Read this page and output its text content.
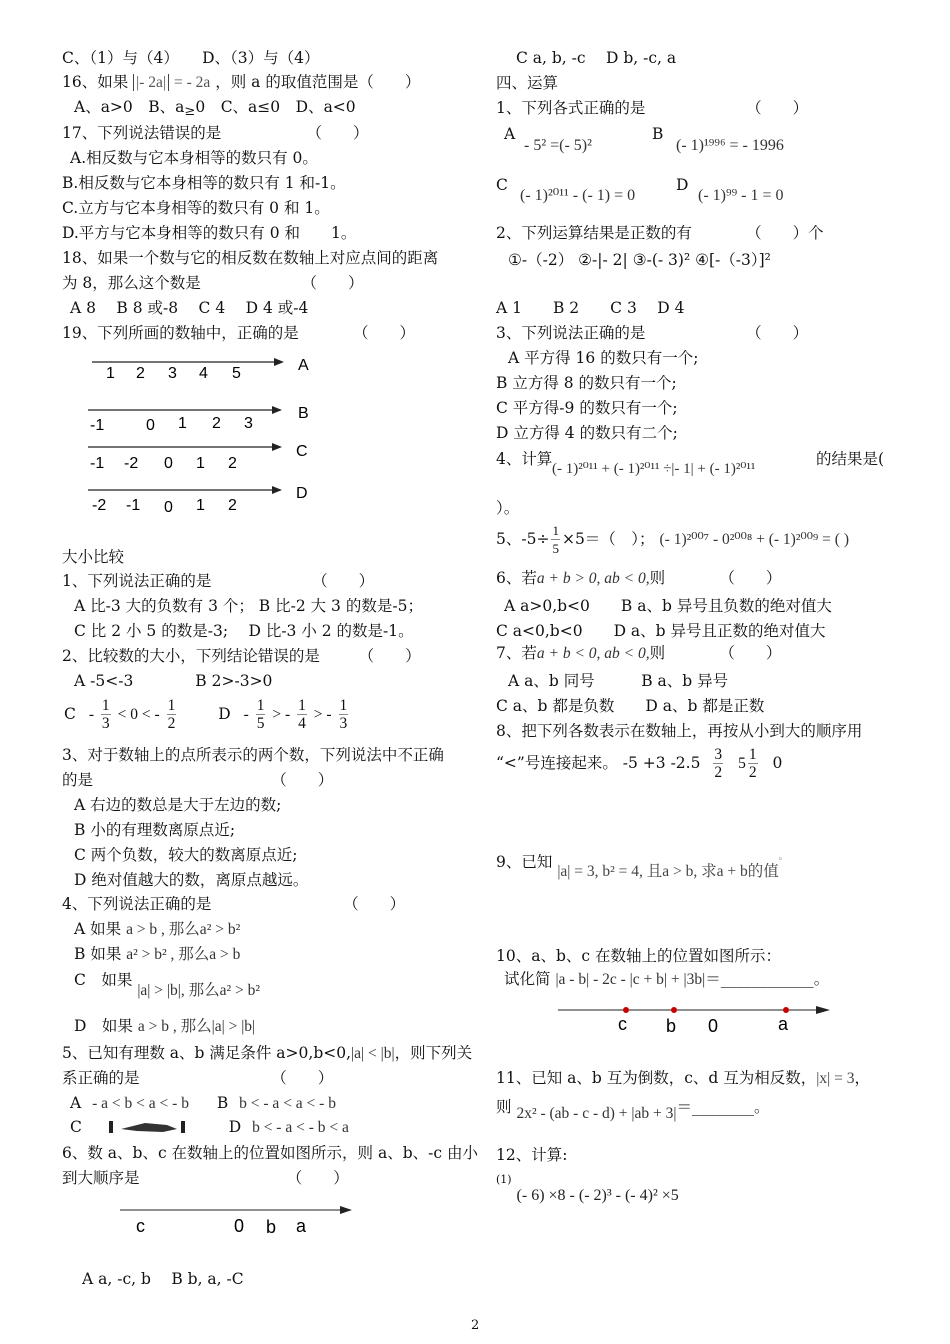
C、（1）与（4）　　D、（3）与（4）
16、如果 |- 2a| = - 2a ，则 a 的取值范围是（　　）
A、a>0　B、a≥0　C、a≤0　D、a<0
17、下列说法错误的是　　　　　　（　　）
A.相反数与它本身相等的数只有 0。
B.相反数与它本身相等的数只有 1 和-1。
C.立方与它本身相等的数只有 0 和 1。
D.平方与它本身相等的数只有 0 和　　1。
18、如果一个数与它的相反数在数轴上对应点间的距离
为 8，那么这个数是　　　　　　　（　　）
A 8　 B 8 或-8　 C 4　 D 4 或-4
19、下列所画的数轴中，正确的是　　　　（　　）
1 2 3 4 5	A
-1	0 1 2 3
B
-1 -2 0 1 2
C
-2 -1 0 1 2
D
大小比较
1、下列说法正确的是　　　　　　　（　　）
A 比-3 大的负数有 3 个； B 比-2 大 3 的数是-5；
C 比 2 小 5 的数是-3;　 D 比-3 小 2 的数是-1。
2、比较数的大小，下列结论错误的是　　　（　　）
A -5<-3　　　　B 2>-3>0
$C - \frac{1}{3} < 0$ < - $\frac{1}{2}$	D - $\frac{1}{5}$ > - $\frac{1}{4}$ > - $\frac{1}{3}$
3、对于数轴上的点所表示的两个数，下列说法中不正确
的是　　　　　　　　　　　　（　　）
A 右边的数总是大于左边的数;
B 小的有理数离原点近;
C 两个负数，较大的数离原点近;
D 绝对值越大的数，离原点越远。
4、下列说法正确的是　　　　　　　　　（　　）
A 如果 a > b , 那么a² > b²
B 如果 a² > b² , 那么a > b
C　如果 |a| > |b|, 那么a² > b²
D　如果 a > b , 那么|a| > |b|
5、已知有理数 a、b 满足条件 a>0,b<0,|a| < |b|，则下列关
系正确的是　　　　　　　　　（　　）
A - a < b < a < - b B b < - a < a < - b
C	D b < - a < - b < a
6、数 a、b、c 在数轴上的位置如图所示，则 a、b、-c 由小
到大顺序是　　　　　　　　　　（　　）
c	0 b a
A a, -c, b　 B b, a, -C
C a, b, -c　 D b, -c, a
四、运算
1、下列各式正确的是　　　　　　　（　　）
A
- 5² =(- 5)²
B
(- 1)¹⁹⁹⁶ = - 1996
C
(- 1)²⁰¹¹ - (- 1) = 0
D
(- 1)⁹⁹ - 1 = 0
2、下列运算结果是正数的有　　　　（　　）个
①-（-2） ②-|- 2| ③-(- 3)² ④[-（-3）]²
A 1　　B 2　　C 3　 D 4
3、下列说法正确的是　　　　　　　（　　）
A 平方得 16 的数只有一个;
B 立方得 8 的数只有一个;
C 平方得-9 的数只有一个;
D 立方得 4 的数只有二个;
4、计算
(- 1)²⁰¹¹ + (- 1)²⁰¹¹ ÷|- 1| + (- 1)²⁰¹¹
的结果是(
）。
5、$-5\div \frac{1}{5} \times 5=$（　）； (- 1)²⁰⁰⁷ - 0²⁰⁰⁸ + (- 1)²⁰⁰⁹ = ( )
6、若a + b > 0, ab < 0,则　　　　（　　）
A a>0,b<0　　B a、b 异号且负数的绝对值大
C a<0,b<0　　D a、b 异号且正数的绝对值大
7、若a + b < 0, ab < 0,则　　　　（　　）
A a、b 同号　　　B a、b 异号
C a、b 都是负数　　D a、b 都是正数
8、把下列各数表示在数轴上，再按从小到大的顺序用
“<”号连接起来。 -5 +3 $-2.5 \frac{3}{2} 5 \frac{1}{2} 0$
9、已知 |a| = 3, b² = 4, 且a > b, 求a + b的值。
10、a、b、c 在数轴上的位置如图所示：
试化简 |a - b| - 2c - |c + b| + |3b|＝____________。
c b 0	a
11、已知 a、b 互为倒数，c、d 互为相反数，|x| = 3，
则 2x² - (ab - c - d) + |ab + 3|＝________。
12、计算:
$^{(1)}$ (- 6) ×8 - (- 2)³ - (- 4)² ×5
2
